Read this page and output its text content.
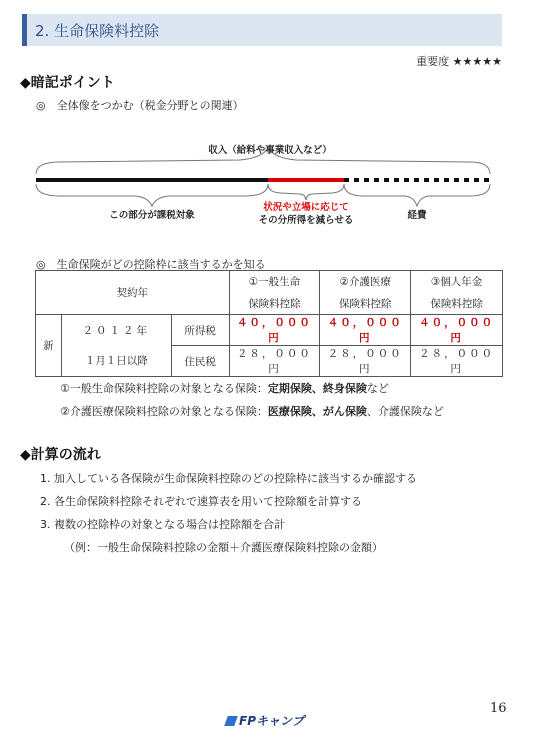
2. 生命保険料控除
重要度 ★★★★★
◆暗記ポイント
◎　全体像をつかむ（税金分野との関連）
収入（給料や事業収入など）
この部分が課税対象
状況や立場に応じて
その分所得を減らせる	経費
◎　生命保険がどの控除枠に該当するかを知る
契約年			①一般生命	②介護医療	③個人年金
			保険料控除	保険料控除	保険料控除
新	２０１２年	所得税	４０，０００円	４０，０００円	４０，０００円
	１月１日以降	住民税	２８，０００円	２８，０００円	２８，０００円
①一般生命保険料控除の対象となる保険：定期保険、終身保険など
②介護医療保険料控除の対象となる保険：医療保険、がん保険、介護保険など
◆計算の流れ
1. 加入している各保険が生命保険料控除のどの控除枠に該当するか確認する
2. 各生命保険料控除それぞれで速算表を用いて控除額を計算する
3. 複数の控除枠の対象となる場合は控除額を合計
（例：一般生命保険料控除の金額＋介護医療保険料控除の金額）
16
FPキャンプ
